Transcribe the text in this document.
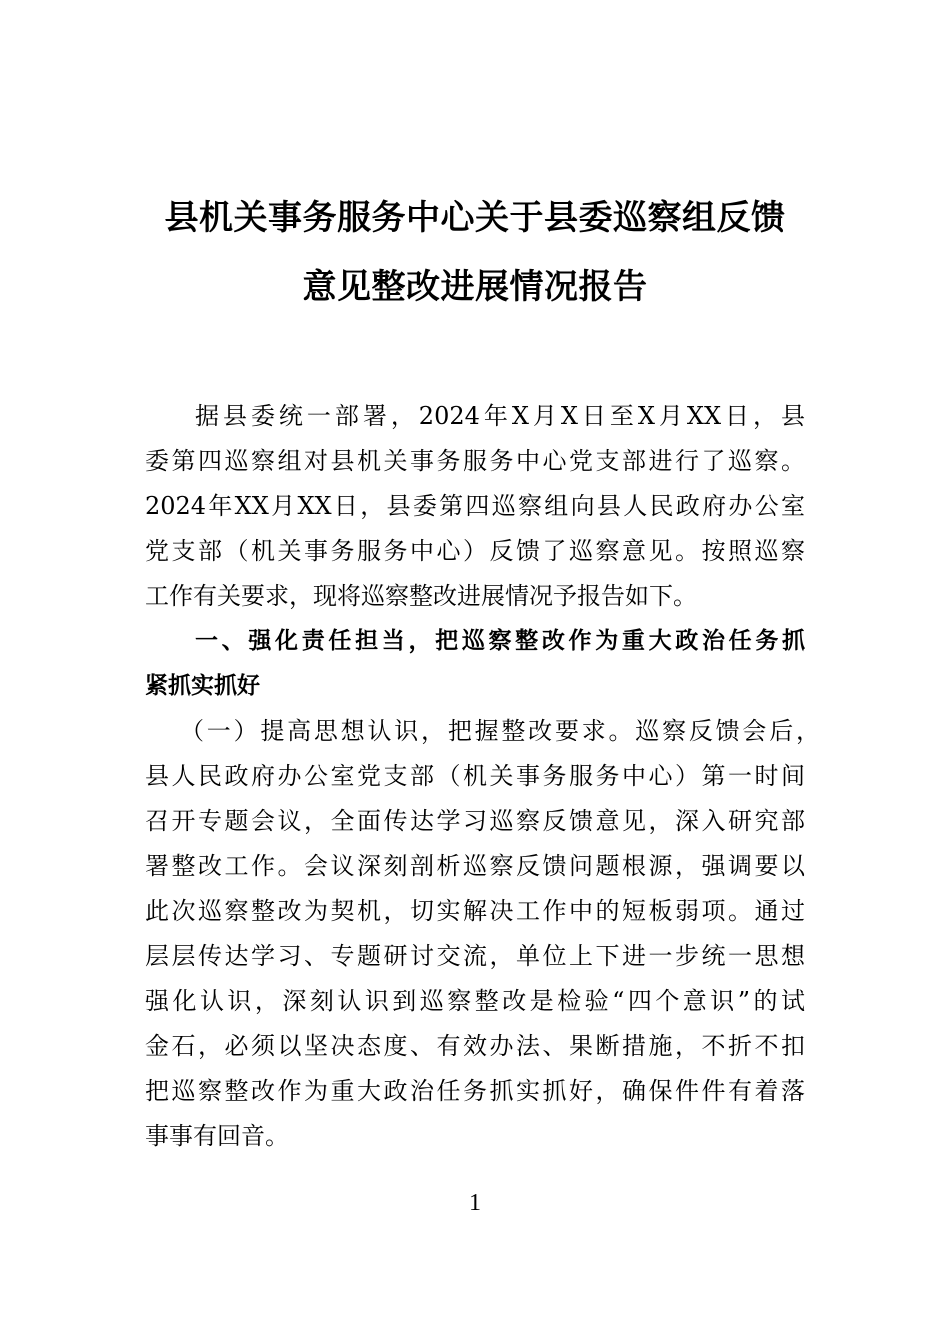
县机关事务服务中心关于县委巡察组反馈
意见整改进展情况报告
据县委统一部署，2024年X月X日至X月XX日，县
委第四巡察组对县机关事务服务中心党支部进行了巡察。
2024年XX月XX日，县委第四巡察组向县人民政府办公室
党支部（机关事务服务中心）反馈了巡察意见。按照巡察
工作有关要求，现将巡察整改进展情况予报告如下。
一、强化责任担当，把巡察整改作为重大政治任务抓
紧抓实抓好
（一）提高思想认识，把握整改要求。巡察反馈会后，
县人民政府办公室党支部（机关事务服务中心）第一时间
召开专题会议，全面传达学习巡察反馈意见，深入研究部
署整改工作。会议深刻剖析巡察反馈问题根源，强调要以
此次巡察整改为契机，切实解决工作中的短板弱项。通过
层层传达学习、专题研讨交流，单位上下进一步统一思想
强化认识，深刻认识到巡察整改是检验“四个意识”的试
金石，必须以坚决态度、有效办法、果断措施，不折不扣
把巡察整改作为重大政治任务抓实抓好，确保件件有着落
事事有回音。
1
